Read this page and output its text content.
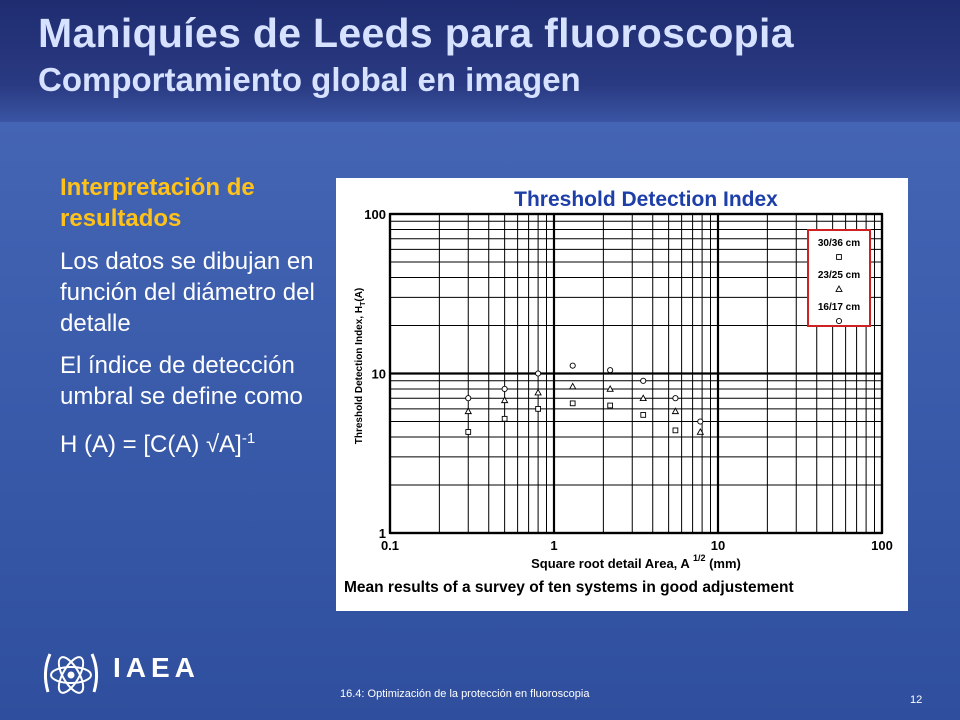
Maniquíes de Leeds para fluoroscopia
Comportamiento global en imagen

Interpretación de resultados

Los datos se dibujan en función del diámetro del detalle

El índice de detección umbral se define como

H (A) = [C(A) √A]$^{-1}$

Threshold Detection Index
0.1	1	10	100
1
10
100
Square root detail Area, A $^{1/2}$ (mm)
Threshold Detection Index, $H_T(A)$
Mean results of a survey of ten systems in good adjustement
30/36 cm
23/25 cm
16/17 cm
IAEA
16.4: Optimización de la protección en fluoroscopia	12
